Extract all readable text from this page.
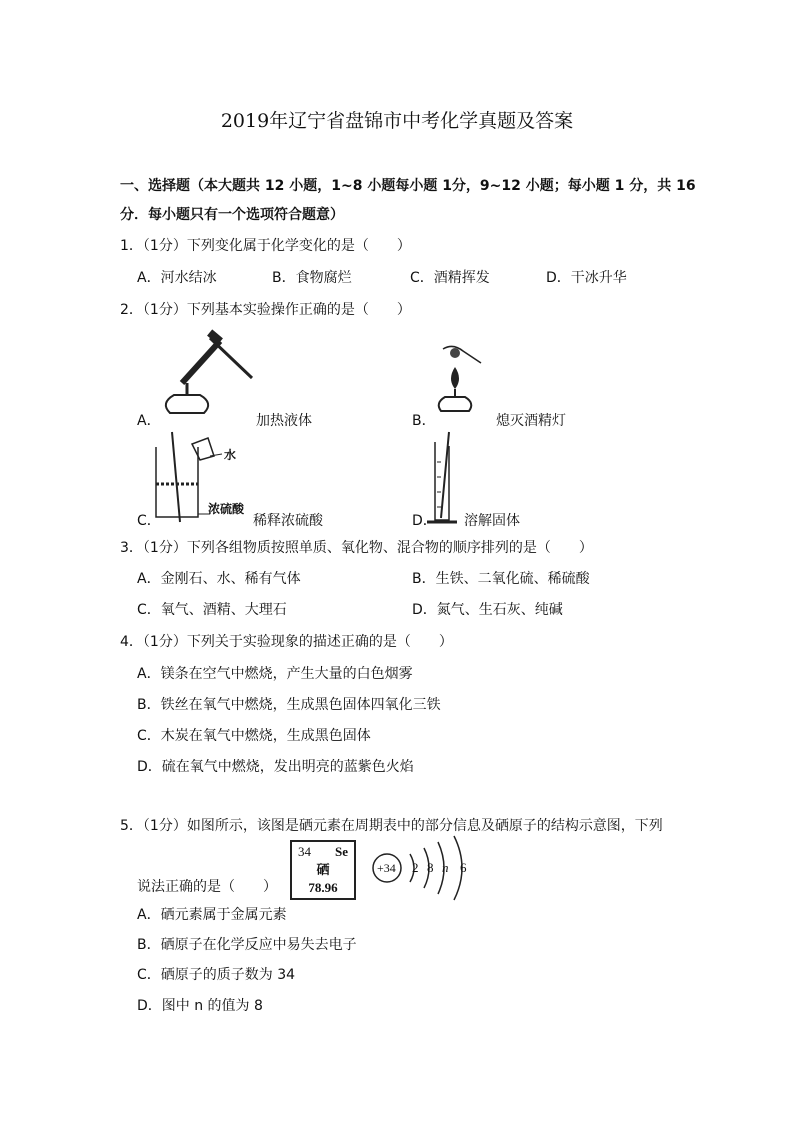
2019年辽宁省盘锦市中考化学真题及答案
一、选择题（本大题共 12 小题，1~8 小题每小题 1分，9~12 小题；每小题 1 分，共 16
分．每小题只有一个选项符合题意）
1．（1分）下列变化属于化学变化的是（　　）
A．河水结冰	B．食物腐烂	C．酒精挥发	D．干冰升华
2．（1分）下列基本实验操作正确的是（　　）
A．	加热液体	B．	熄灭酒精灯
水
浓硫酸
C．	稀释浓硫酸	D． 溶解固体
3．（1分）下列各组物质按照单质、氧化物、混合物的顺序排列的是（　　）
A．金刚石、水、稀有气体	B．生铁、二氧化硫、稀硫酸
C．氧气、酒精、大理石	D．氮气、生石灰、纯碱
4．（1分）下列关于实验现象的描述正确的是（　　）
A．镁条在空气中燃烧，产生大量的白色烟雾
B．铁丝在氧气中燃烧，生成黑色固体四氧化三铁
C．木炭在氧气中燃烧，生成黑色固体
D．硫在氧气中燃烧，发出明亮的蓝紫色火焰
5．（1分）如图所示，该图是硒元素在周期表中的部分信息及硒原子的结构示意图，下列
34 Se
硒
78.96
+34 2 8 n 6
说法正确的是（　　）
A．硒元素属于金属元素
B．硒原子在化学反应中易失去电子
C．硒原子的质子数为 34
D．图中 n 的值为 8
